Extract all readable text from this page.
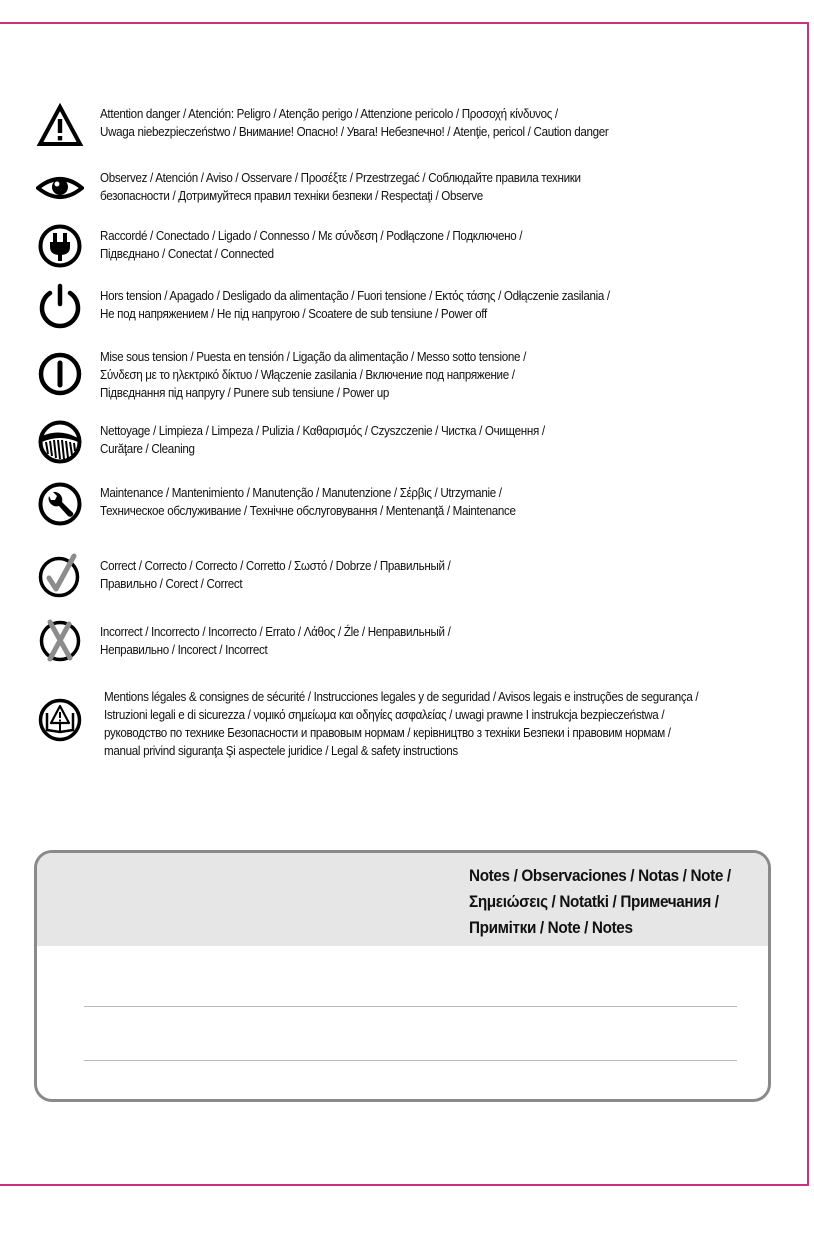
Attention danger / Atención: Peligro / Atenção perigo / Attenzione pericolo / Προσοχή κίνδυνος /
Uwaga niebezpieczeństwo / Внимание! Опасно! / Увага! Небезпечно! / Atenţie, pericol / Caution danger
Observez / Atención / Aviso / Osservare / Προσέξτε / Przestrzegać / Соблюдайте правила техники
безопасности / Дотримуйтеся правил техніки безпеки / Respectaţi / Observe
Raccordé / Conectado / Ligado / Connesso / Με σύνδεση / Podłączone / Подключено /
Підвєднано / Conectat / Connected
Hors tension / Apagado / Desligado da alimentação / Fuori tensione / Εκτός τάσης / Odłączenie zasilania /
Не под напряжением / Не під напругою / Scoatere de sub tensiune / Power off
Mise sous tension / Puesta en tensión / Ligação da alimentação / Messo sotto tensione /
Σύνδεση με το ηλεκτρικό δίκτυο / Włączenie zasilania / Включение под напряжение /
Підвєднання під напругу / Punere sub tensiune / Power up
Nettoyage / Limpieza / Limpeza / Pulizia / Καθαρισμός / Czyszczenie / Чистка / Очищення /
Curăţare / Cleaning
Maintenance / Mantenimiento / Manutenção / Manutenzione / Σέρβις / Utrzymanie /
Техническое обслуживание / Технічне обслуговування / Mentenanţă / Maintenance
Correct / Correcto / Correcto / Corretto / Σωστό / Dobrze / Правильный /
Правильно / Corect / Correct
Incorrect / Incorrecto / Incorrecto / Errato / Λάθος / Źle / Неправильный /
Неправильно / Incorect / Incorrect
Mentions légales & consignes de sécurité / Instrucciones legales y de seguridad / Avisos legais e instruções de segurança /
Istruzioni legali e di sicurezza / νομικό σημείωμα και οδηγίες ασφαλείας / uwagi prawne I instrukcja bezpieczeństwa /
руководство по технике Безопасности и правовым нормам / керівництво з техніки Безпеки і правовим нормам /
manual privind siguranţa Şi aspectele juridice / Legal & safety instructions
Notes / Observaciones / Notas / Note /
Σημειώσεις / Notatki / Примечания /
Примітки / Note / Notes
